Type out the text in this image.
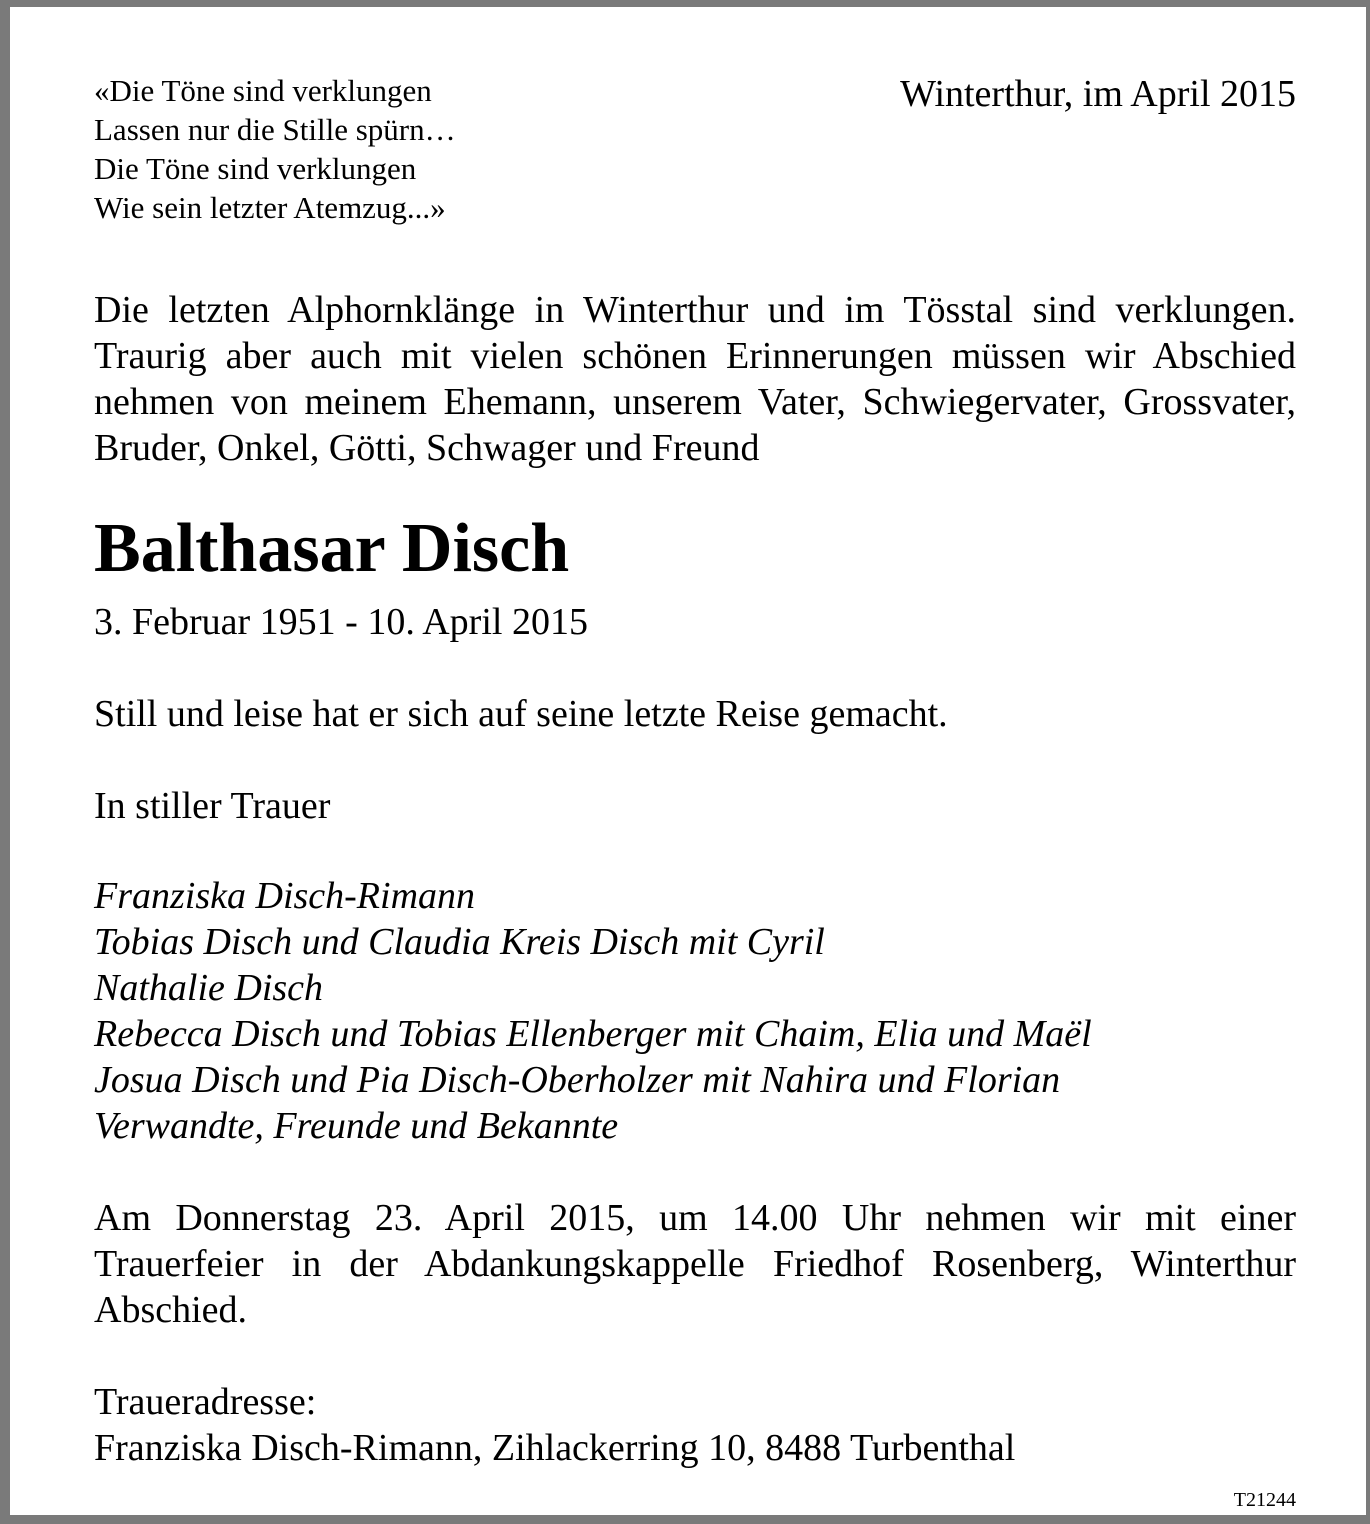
«Die Töne sind verklungen
Lassen nur die Stille spürn…
Die Töne sind verklungen
Wie sein letzter Atemzug...»
Winterthur, im April 2015

Die letzten Alphornklänge in Winterthur und im Tösstal sind verklungen. Traurig aber auch mit vielen schönen Erinnerungen müssen wir Abschied nehmen von meinem Ehemann, unserem Vater, Schwiegervater, Grossvater, Bruder, Onkel, Götti, Schwager und Freund

Balthasar Disch
3. Februar 1951 - 10. April 2015
Still und leise hat er sich auf seine letzte Reise gemacht.
In stiller Trauer
Franziska Disch-Rimann
Tobias Disch und Claudia Kreis Disch mit Cyril
Nathalie Disch
Rebecca Disch und Tobias Ellenberger mit Chaim, Elia und Maël
Josua Disch und Pia Disch-Oberholzer mit Nahira und Florian
Verwandte, Freunde und Bekannte

Am Donnerstag 23. April 2015, um 14.00 Uhr nehmen wir mit einer Trauerfeier in der Abdankungskappelle Friedhof Rosenberg, Winterthur Abschied.

Traueradresse:
Franziska Disch-Rimann, Zihlackerring 10, 8488 Turbenthal
T21244
